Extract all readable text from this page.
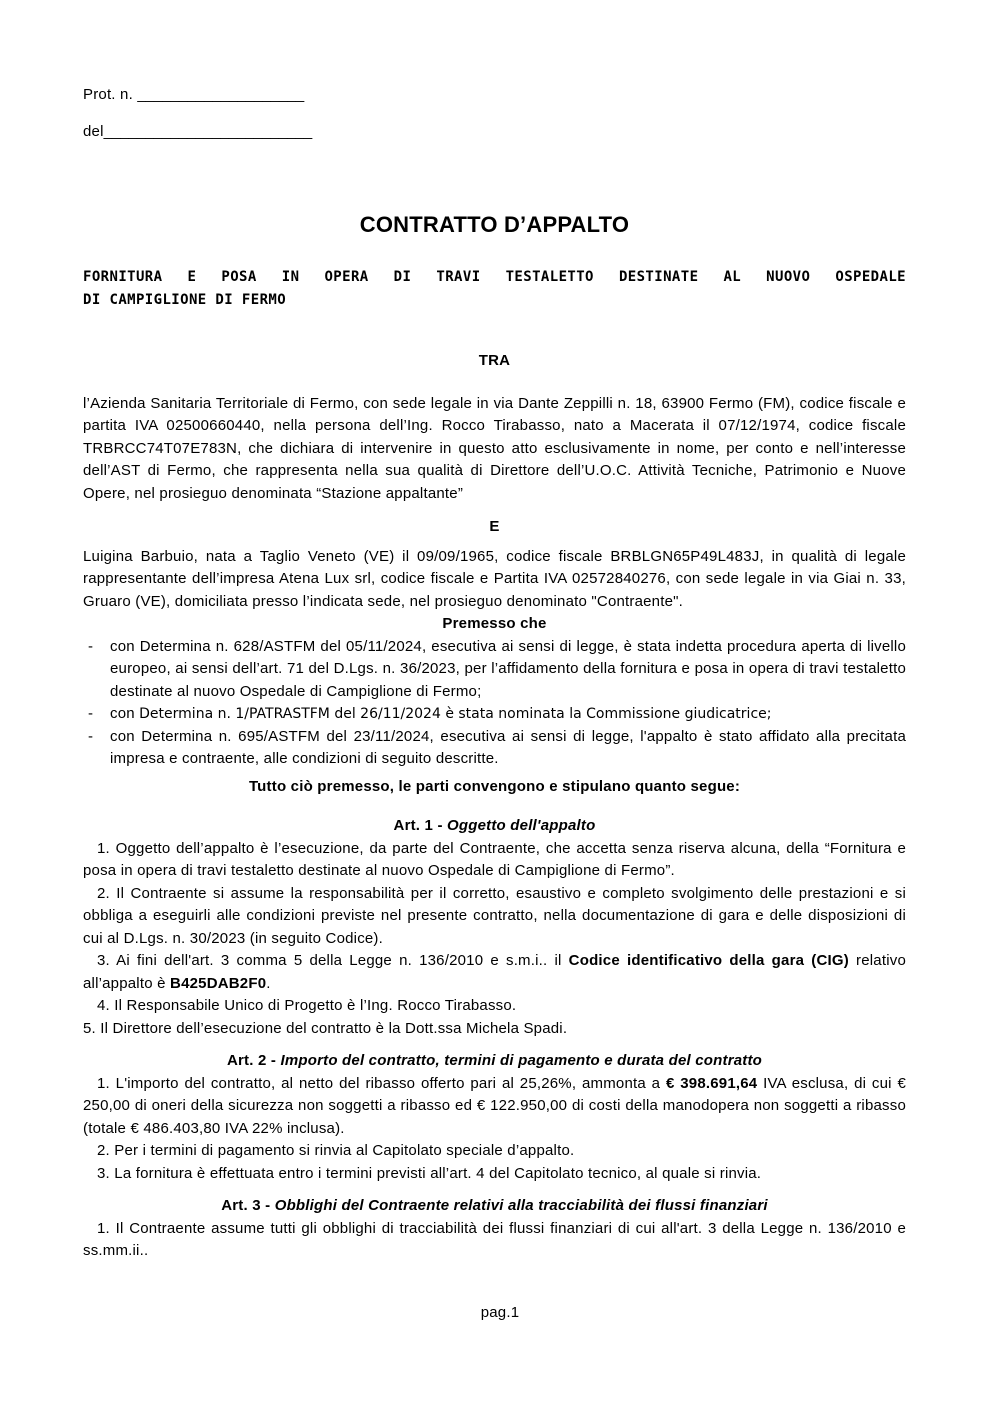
Prot. n. ____________________
del_________________________
CONTRATTO D’APPALTO
FORNITURA E POSA IN OPERA DI TRAVI TESTALETTO DESTINATE AL NUOVO OSPEDALE
DI CAMPIGLIONE DI FERMO
TRA

l’Azienda Sanitaria Territoriale di Fermo, con sede legale in via Dante Zeppilli n. 18, 63900 Fermo (FM), codice fiscale e partita IVA 02500660440, nella persona dell’Ing. Rocco Tirabasso, nato a Macerata il 07/12/1974, codice fiscale TRBRCC74T07E783N, che dichiara di intervenire in questo atto esclusivamente in nome, per conto e nell’interesse dell’AST di Fermo, che rappresenta nella sua qualità di Direttore dell’U.O.C. Attività Tecniche, Patrimonio e Nuove Opere, nel prosieguo denominata “Stazione appaltante”

E

Luigina Barbuio, nata a Taglio Veneto (VE) il 09/09/1965, codice fiscale BRBLGN65P49L483J, in qualità di legale rappresentante dell’impresa Atena Lux srl, codice fiscale e Partita IVA 02572840276, con sede legale in via Giai n. 33, Gruaro (VE), domiciliata presso l’indicata sede, nel prosieguo denominato "Contraente".

Premesso che
- con Determina n. 628/ASTFM del 05/11/2024, esecutiva ai sensi di legge, è stata indetta procedura aperta di livello europeo, ai sensi dell’art. 71 del D.Lgs. n. 36/2023, per l’affidamento della fornitura e posa in opera di travi testaletto destinate al nuovo Ospedale di Campiglione di Fermo;
- con Determina n. 1/PATRASTFM del 26/11/2024 è stata nominata la Commissione giudicatrice;
- con Determina n. 695/ASTFM del 23/11/2024, esecutiva ai sensi di legge, l'appalto è stato affidato alla precitata impresa e contraente, alle condizioni di seguito descritte.
Tutto ciò premesso, le parti convengono e stipulano quanto segue:
Art. 1 - Oggetto dell'appalto

1. Oggetto dell’appalto è l’esecuzione, da parte del Contraente, che accetta senza riserva alcuna, della “Fornitura e posa in opera di travi testaletto destinate al nuovo Ospedale di Campiglione di Fermo”.

2. Il Contraente si assume la responsabilità per il corretto, esaustivo e completo svolgimento delle prestazioni e si obbliga a eseguirli alle condizioni previste nel presente contratto, nella documentazione di gara e delle disposizioni di cui al D.Lgs. n. 30/2023 (in seguito Codice).

3. Ai fini dell'art. 3 comma 5 della Legge n. 136/2010 e s.m.i.. il Codice identificativo della gara (CIG) relativo all’appalto è B425DAB2F0.

4. Il Responsabile Unico di Progetto è l’Ing. Rocco Tirabasso.

5. Il Direttore dell’esecuzione del contratto è la Dott.ssa Michela Spadi.

Art. 2 - Importo del contratto, termini di pagamento e durata del contratto

1. L'importo del contratto, al netto del ribasso offerto pari al 25,26%, ammonta a € 398.691,64 IVA esclusa, di cui € 250,00 di oneri della sicurezza non soggetti a ribasso ed € 122.950,00 di costi della manodopera non soggetti a ribasso (totale € 486.403,80 IVA 22% inclusa).

2. Per i termini di pagamento si rinvia al Capitolato speciale d’appalto.

3. La fornitura è effettuata entro i termini previsti all’art. 4 del Capitolato tecnico, al quale si rinvia.

Art. 3 - Obblighi del Contraente relativi alla tracciabilità dei flussi finanziari

1. Il Contraente assume tutti gli obblighi di tracciabilità dei flussi finanziari di cui all'art. 3 della Legge n. 136/2010 e ss.mm.ii..

pag.1
